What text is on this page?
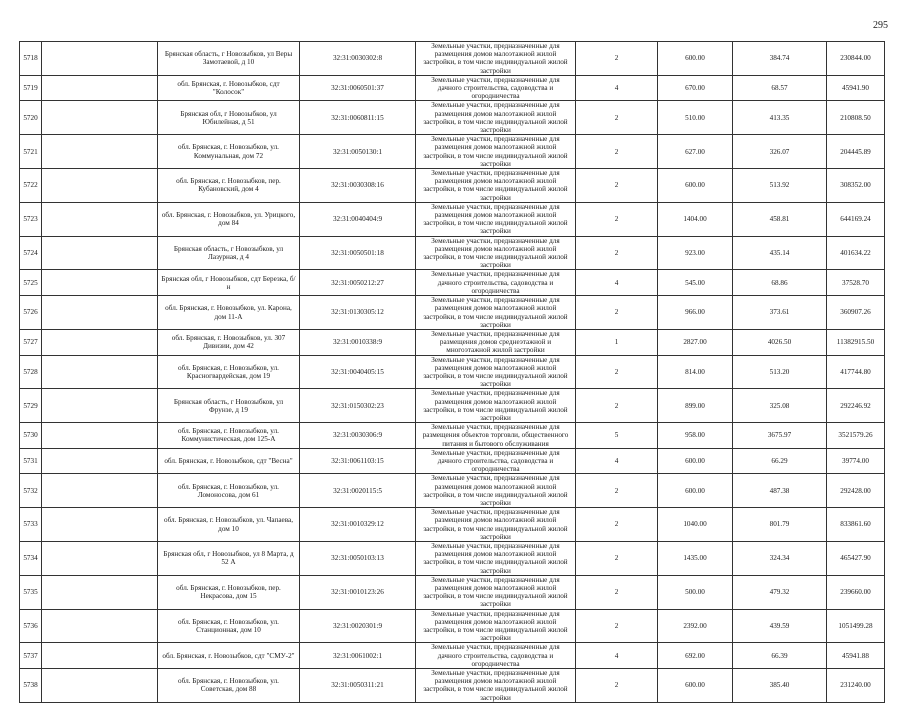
295
5718		Брянская область, г Новозыбков, ул Веры Замотаевой, д 10	32:31:0030302:8	Земельные участки, предназначенные для размещения домов малоэтажной жилой застройки, в том числе индивидуальной жилой застройки	2	600.00	384.74	230844.00
5719		обл. Брянская, г. Новозыбков, сдт "Колосок"	32:31:0060501:37	Земельные участки, предназначенные для дачного строительства, садоводства и огородничества	4	670.00	68.57	45941.90
5720		Брянская обл, г Новозыбков, ул Юбилейная, д 51	32:31:0060811:15	Земельные участки, предназначенные для размещения домов малоэтажной жилой застройки, в том числе индивидуальной жилой застройки	2	510.00	413.35	210808.50
5721		обл. Брянская, г. Новозыбков, ул. Коммунальная, дом 72	32:31:0050130:1	Земельные участки, предназначенные для размещения домов малоэтажной жилой застройки, в том числе индивидуальной жилой застройки	2	627.00	326.07	204445.89
5722		обл. Брянская, г. Новозыбков, пер. Кубановский, дом 4	32:31:0030308:16	Земельные участки, предназначенные для размещения домов малоэтажной жилой застройки, в том числе индивидуальной жилой застройки	2	600.00	513.92	308352.00
5723		обл. Брянская, г. Новозыбков, ул. Урицкого, дом 84	32:31:0040404:9	Земельные участки, предназначенные для размещения домов малоэтажной жилой застройки, в том числе индивидуальной жилой застройки	2	1404.00	458.81	644169.24
5724		Брянская область, г Новозыбков, ул Лазурная, д 4	32:31:0050501:18	Земельные участки, предназначенные для размещения домов малоэтажной жилой застройки, в том числе индивидуальной жилой застройки	2	923.00	435.14	401634.22
5725		Брянская обл, г Новозыбков, сдт Березка, б/н	32:31:0050212:27	Земельные участки, предназначенные для дачного строительства, садоводства и огородничества	4	545.00	68.86	37528.70
5726		обл. Брянская, г. Новозыбков, ул. Карона, дом 11-А	32:31:0130305:12	Земельные участки, предназначенные для размещения домов малоэтажной жилой застройки, в том числе индивидуальной жилой застройки	2	966.00	373.61	360907.26
5727		обл. Брянская, г. Новозыбков, ул. 307 Дивизии, дом 42	32:31:0010338:9	Земельные участки, предназначенные для размещения домов среднеэтажной и многоэтажной жилой застройки	1	2827.00	4026.50	11382915.50
5728		обл. Брянская, г. Новозыбков, ул. Красногвардейская, дом 19	32:31:0040405:15	Земельные участки, предназначенные для размещения домов малоэтажной жилой застройки, в том числе индивидуальной жилой застройки	2	814.00	513.20	417744.80
5729		Брянская область, г Новозыбков, ул Фрунзе, д 19	32:31:0150302:23	Земельные участки, предназначенные для размещения домов малоэтажной жилой застройки, в том числе индивидуальной жилой застройки	2	899.00	325.08	292246.92
5730		обл. Брянская, г. Новозыбков, ул. Коммунистическая, дом 125-А	32:31:0030306:9	Земельные участки, предназначенные для размещения объектов торговли, общественного питания и бытового обслуживания	5	958.00	3675.97	3521579.26
5731		обл. Брянская, г. Новозыбков, сдт "Весна"	32:31:0061103:15	Земельные участки, предназначенные для дачного строительства, садоводства и огородничества	4	600.00	66.29	39774.00
5732		обл. Брянская, г. Новозыбков, ул. Ломоносова, дом 61	32:31:0020115:5	Земельные участки, предназначенные для размещения домов малоэтажной жилой застройки, в том числе индивидуальной жилой застройки	2	600.00	487.38	292428.00
5733		обл. Брянская, г. Новозыбков, ул. Чапаева, дом 10	32:31:0010329:12	Земельные участки, предназначенные для размещения домов малоэтажной жилой застройки, в том числе индивидуальной жилой застройки	2	1040.00	801.79	833861.60
5734		Брянская обл, г Новозыбков, ул 8 Марта, д 52 А	32:31:0050103:13	Земельные участки, предназначенные для размещения домов малоэтажной жилой застройки, в том числе индивидуальной жилой застройки	2	1435.00	324.34	465427.90
5735		обл. Брянская, г. Новозыбков, пер. Некрасова, дом 15	32:31:0010123:26	Земельные участки, предназначенные для размещения домов малоэтажной жилой застройки, в том числе индивидуальной жилой застройки	2	500.00	479.32	239660.00
5736		обл. Брянская, г. Новозыбков, ул. Станционная, дом 10	32:31:0020301:9	Земельные участки, предназначенные для размещения домов малоэтажной жилой застройки, в том числе индивидуальной жилой застройки	2	2392.00	439.59	1051499.28
5737		обл. Брянская, г. Новозыбков, сдт "СМУ-2"	32:31:0061002:1	Земельные участки, предназначенные для дачного строительства, садоводства и огородничества	4	692.00	66.39	45941.88
5738		обл. Брянская, г. Новозыбков, ул. Советская, дом 88	32:31:0050311:21	Земельные участки, предназначенные для размещения домов малоэтажной жилой застройки, в том числе индивидуальной жилой застройки	2	600.00	385.40	231240.00
